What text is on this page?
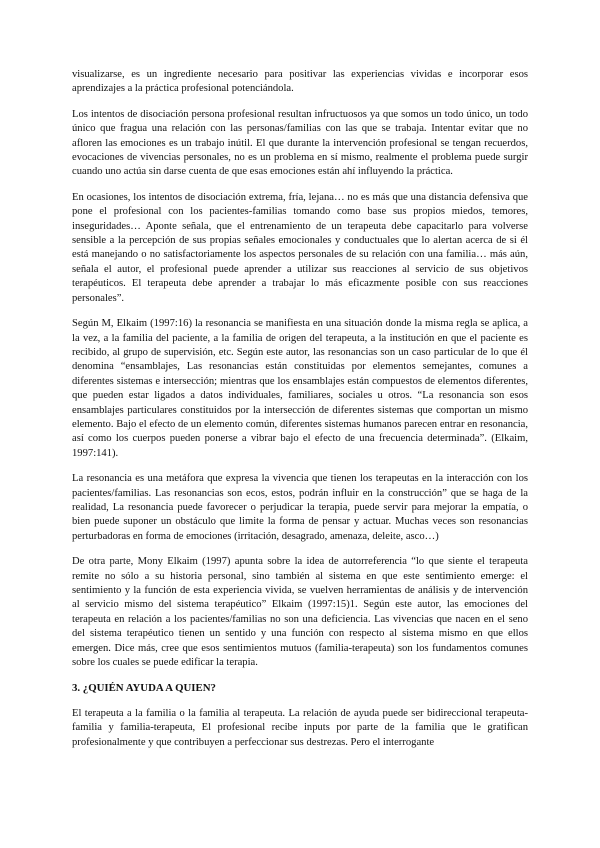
visualizarse, es un ingrediente necesario para positivar las experiencias vividas e incorporar esos aprendizajes a la práctica profesional potenciándola.

Los intentos de disociación persona profesional resultan infructuosos ya que somos un todo único, un todo único que fragua una relación con las personas/familias con las que se trabaja. Intentar evitar que no afloren las emociones es un trabajo inútil. El que durante la intervención profesional se tengan recuerdos, evocaciones de vivencias personales, no es un problema en sí mismo, realmente el problema puede surgir cuando uno actúa sin darse cuenta de que esas emociones están ahí influyendo la práctica.

En ocasiones, los intentos de disociación extrema, fría, lejana… no es más que una distancia defensiva que pone el profesional con los pacientes-familias tomando como base sus propios miedos, temores, inseguridades… Aponte señala, que el entrenamiento de un terapeuta debe capacitarlo para volverse sensible a la percepción de sus propias señales emocionales y conductuales que lo alertan acerca de si él está manejando o no satisfactoriamente los aspectos personales de su relación con una familia… más aún, señala el autor, el profesional puede aprender a utilizar sus reacciones al servicio de sus objetivos terapéuticos. El terapeuta debe aprender a trabajar lo más eficazmente posible con sus reacciones personales”.

Según M, Elkaim (1997:16) la resonancia se manifiesta en una situación donde la misma regla se aplica, a la vez, a la familia del paciente, a la familia de origen del terapeuta, a la institución en que el paciente es recibido, al grupo de supervisión, etc. Según este autor, las resonancias son un caso particular de lo que él denomina “ensamblajes, Las resonancias están constituidas por elementos semejantes, comunes a diferentes sistemas e intersección; mientras que los ensamblajes están compuestos de elementos diferentes, que pueden estar ligados a datos individuales, familiares, sociales u otros. “La resonancia son esos ensamblajes particulares constituidos por la intersección de diferentes sistemas que comportan un mismo elemento. Bajo el efecto de un elemento común, diferentes sistemas humanos parecen entrar en resonancia, así como los cuerpos pueden ponerse a vibrar bajo el efecto de una frecuencia determinada”. (Elkaim, 1997:141).

La resonancia es una metáfora que expresa la vivencia que tienen los terapeutas en la interacción con los pacientes/familias. Las resonancias son ecos, estos, podrán influir en la construcción” que se haga de la realidad, La resonancia puede favorecer o perjudicar la terapia, puede servir para mejorar la empatía, o bien puede suponer un obstáculo que limite la forma de pensar y actuar. Muchas veces son resonancias perturbadoras en forma de emociones (irritación, desagrado, amenaza, deleite, asco…)

De otra parte, Mony Elkaim (1997) apunta sobre la idea de autorreferencia “lo que siente el terapeuta remite no sólo a su historia personal, sino también al sistema en que este sentimiento emerge: el sentimiento y la función de esta experiencia vivida, se vuelven herramientas de análisis y de intervención al servicio mismo del sistema terapéutico” Elkaim (1997:15)1. Según este autor, las emociones del terapeuta en relación a los pacientes/familias no son una deficiencia. Las vivencias que nacen en el seno del sistema terapéutico tienen un sentido y una función con respecto al sistema mismo en que ellos emergen. Dice más, cree que esos sentimientos mutuos (familia-terapeuta) son los fundamentos comunes sobre los cuales se puede edificar la terapia.

3. ¿QUIÉN AYUDA A QUIEN?

El terapeuta a la familia o la familia al terapeuta. La relación de ayuda puede ser bidireccional terapeuta-familia y familia-terapeuta, El profesional recibe inputs por parte de la familia que le gratifican profesionalmente y que contribuyen a perfeccionar sus destrezas. Pero el interrogante
